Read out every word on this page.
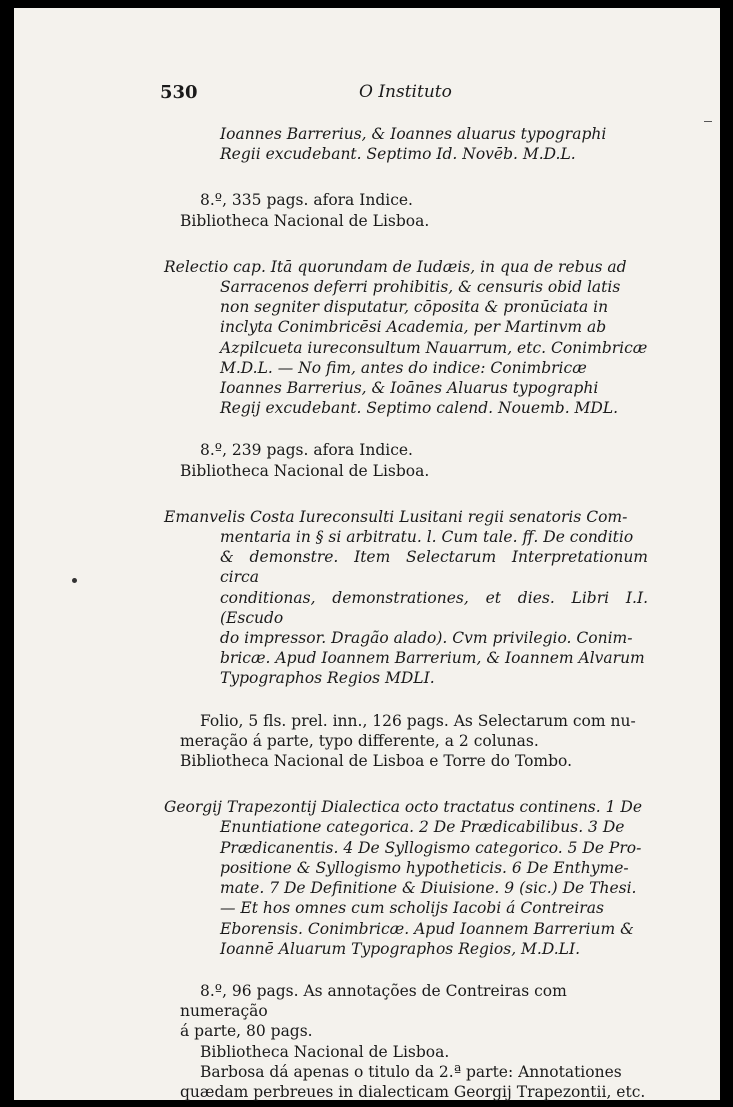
530	O Instituto

Ioannes Barrerius, & Ioannes aluarus typographi

Regii excudebant. Septimo Id. Novēb. M.D.L.

8.º, 335 pags. afora Indice.

Bibliotheca Nacional de Lisboa.

Relectio cap. Itā quorundam de Iudæis, in qua de rebus ad

Sarracenos deferri prohibitis, & censuris obid latis

non segniter disputatur, cōposita & pronūciata in

inclyta Conimbricēsi Academia, per Martinvm ab

Azpilcueta iureconsultum Nauarrum, etc. Conimbricæ

M.D.L. — No fim, antes do indice: Conimbricæ

Ioannes Barrerius, & Ioānes Aluarus typographi

Regij excudebant. Septimo calend. Nouemb. MDL.

8.º, 239 pags. afora Indice.

Bibliotheca Nacional de Lisboa.

Emanvelis Costa Iureconsulti Lusitani regii senatoris Com-

mentaria in § si arbitratu. l. Cum tale. ff. De conditio

& demonstre. Item Selectarum Interpretationum circa

conditionas, demonstrationes, et dies. Libri I.I. (Escudo

do impressor. Dragão alado). Cvm privilegio. Conim-

bricæ. Apud Ioannem Barrerium, & Ioannem Alvarum

Typographos Regios MDLI.

Folio, 5 fls. prel. inn., 126 pags. As Selectarum com nu-

meração á parte, typo differente, a 2 colunas.

Bibliotheca Nacional de Lisboa e Torre do Tombo.

Georgij Trapezontij Dialectica octo tractatus continens. 1 De

Enuntiatione categorica. 2 De Prædicabilibus. 3 De

Prædicanentis. 4 De Syllogismo categorico. 5 De Pro-

positione & Syllogismo hypotheticis. 6 De Enthyme-

mate. 7 De Definitione & Diuisione. 9 (sic.) De Thesi.

— Et hos omnes cum scholijs Iacobi á Contreiras

Eborensis. Conimbricæ. Apud Ioannem Barrerium &

Ioannē Aluarum Typographos Regios, M.D.LI.

8.º, 96 pags. As annotações de Contreiras com numeração

á parte, 80 pags.

Bibliotheca Nacional de Lisboa.

Barbosa dá apenas o titulo da 2.ª parte: Annotationes

quædam perbreues in dialecticam Georgij Trapezontii, etc.
